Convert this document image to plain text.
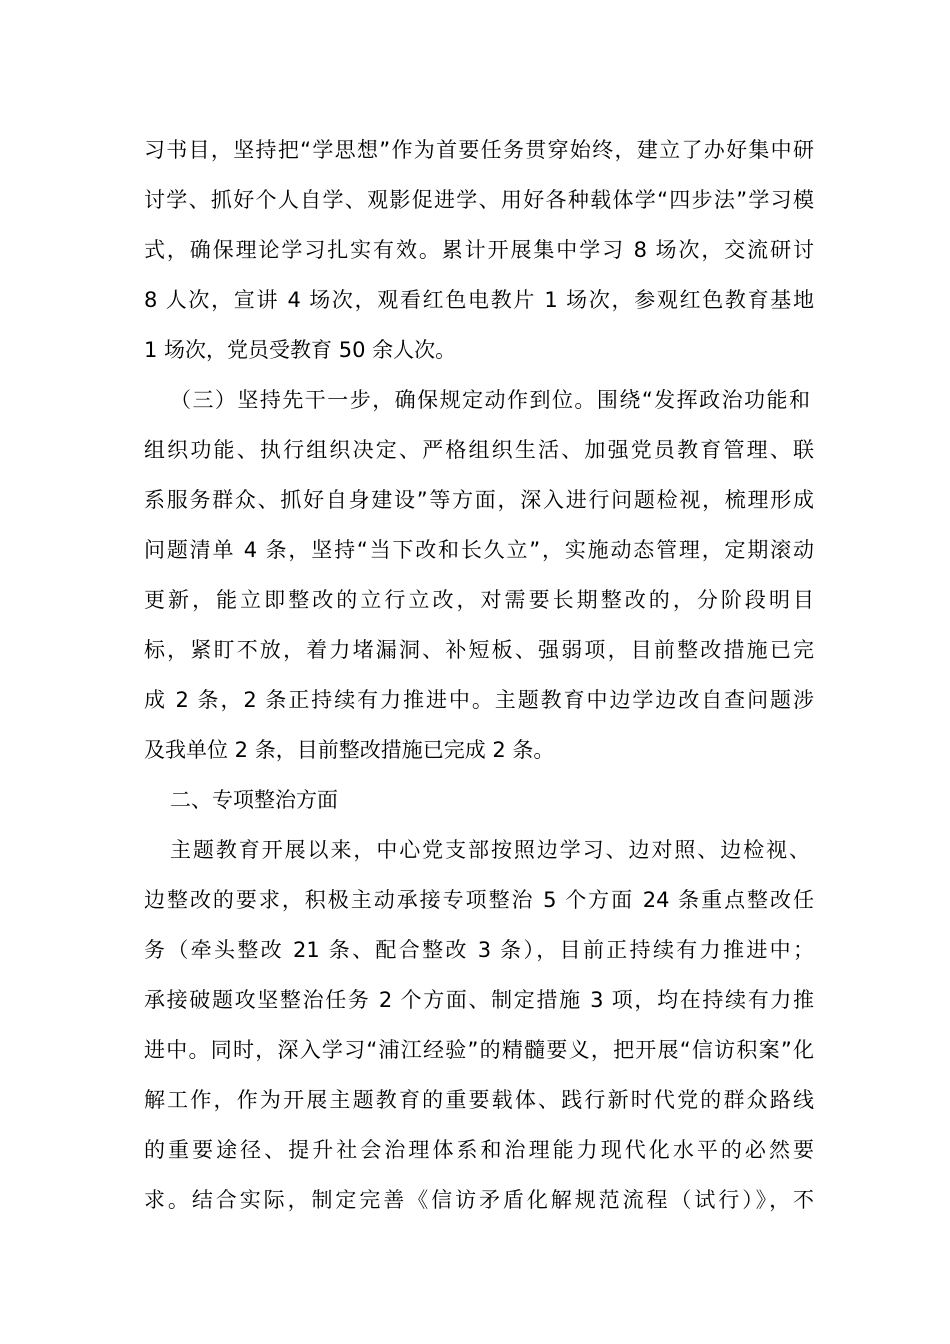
习书目，坚持把“学思想”作为首要任务贯穿始终，建立了办好集中研
讨学、抓好个人自学、观影促进学、用好各种载体学“四步法”学习模
式，确保理论学习扎实有效。累计开展集中学习 8 场次，交流研讨
8 人次，宣讲 4 场次，观看红色电教片 1 场次，参观红色教育基地
1 场次，党员受教育 50 余人次。
（三）坚持先干一步，确保规定动作到位。围绕“发挥政治功能和
组织功能、执行组织决定、严格组织生活、加强党员教育管理、联
系服务群众、抓好自身建设”等方面，深入进行问题检视，梳理形成
问题清单 4 条，坚持“当下改和长久立”，实施动态管理，定期滚动
更新，能立即整改的立行立改，对需要长期整改的，分阶段明目
标，紧盯不放，着力堵漏洞、补短板、强弱项，目前整改措施已完
成 2 条，2 条正持续有力推进中。主题教育中边学边改自查问题涉
及我单位 2 条，目前整改措施已完成 2 条。
二、专项整治方面
主题教育开展以来，中心党支部按照边学习、边对照、边检视、
边整改的要求，积极主动承接专项整治 5 个方面 24 条重点整改任
务（牵头整改 21 条、配合整改 3 条），目前正持续有力推进中；
承接破题攻坚整治任务 2 个方面、制定措施 3 项，均在持续有力推
进中。同时，深入学习“浦江经验”的精髓要义，把开展“信访积案”化
解工作，作为开展主题教育的重要载体、践行新时代党的群众路线
的重要途径、提升社会治理体系和治理能力现代化水平的必然要
求。结合实际，制定完善《信访矛盾化解规范流程（试行）》，不
